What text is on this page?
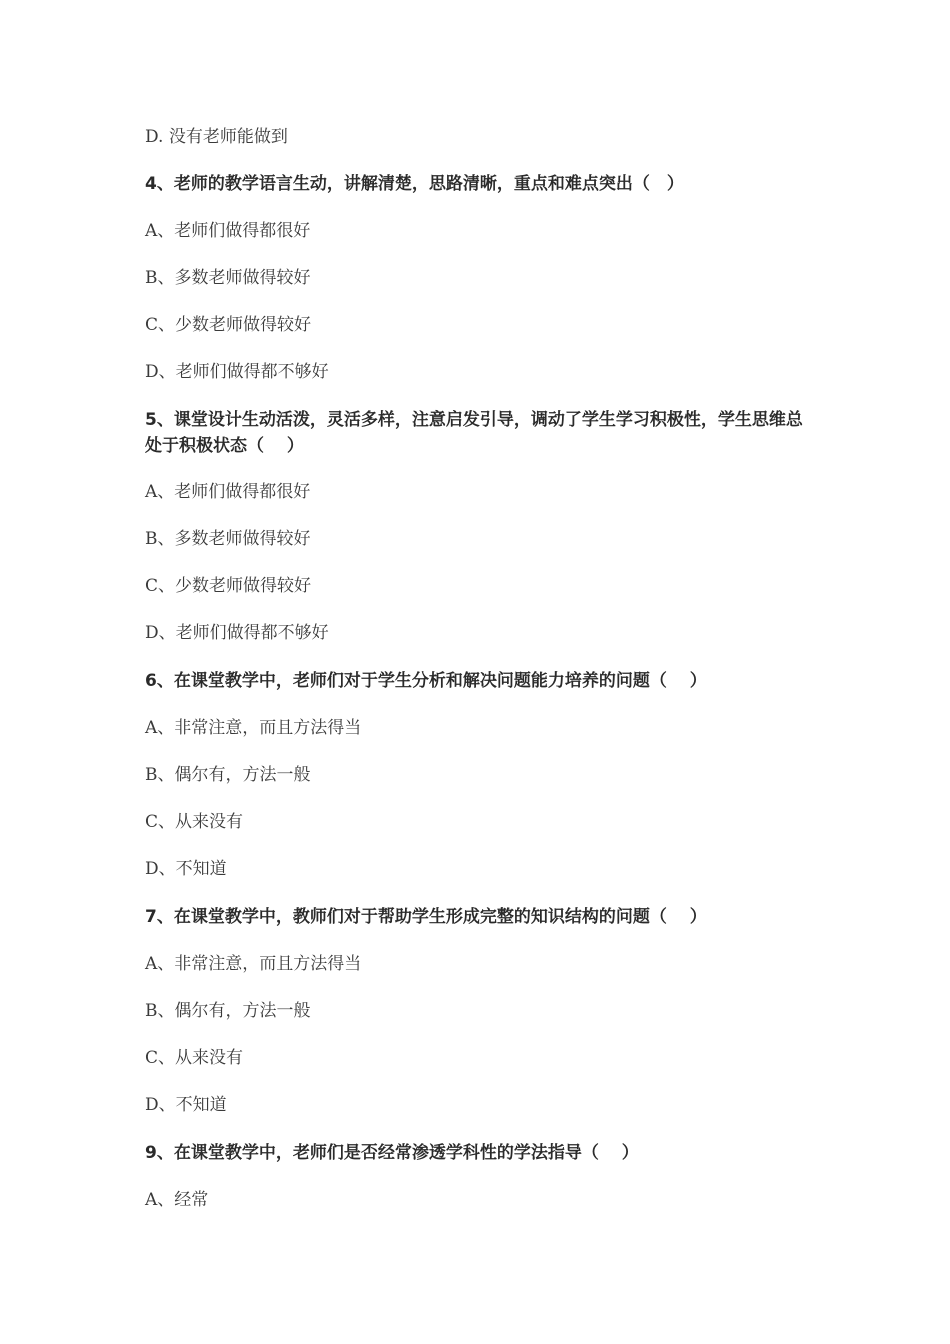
D. 没有老师能做到
4、老师的教学语言生动，讲解清楚，思路清晰，重点和难点突出（　）
A、老师们做得都很好
B、多数老师做得较好
C、少数老师做得较好
D、老师们做得都不够好
5、课堂设计生动活泼，灵活多样，注意启发引导，调动了学生学习积极性，学生思维总处于积极状态（　 ）
A、老师们做得都很好
B、多数老师做得较好
C、少数老师做得较好
D、老师们做得都不够好
6、在课堂教学中，老师们对于学生分析和解决问题能力培养的问题（　 ）
A、非常注意，而且方法得当
B、偶尔有，方法一般
C、从来没有
D、不知道
7、在课堂教学中，教师们对于帮助学生形成完整的知识结构的问题（　 ）
A、非常注意，而且方法得当
B、偶尔有，方法一般
C、从来没有
D、不知道
9、在课堂教学中，老师们是否经常渗透学科性的学法指导（　 ）
A、经常
